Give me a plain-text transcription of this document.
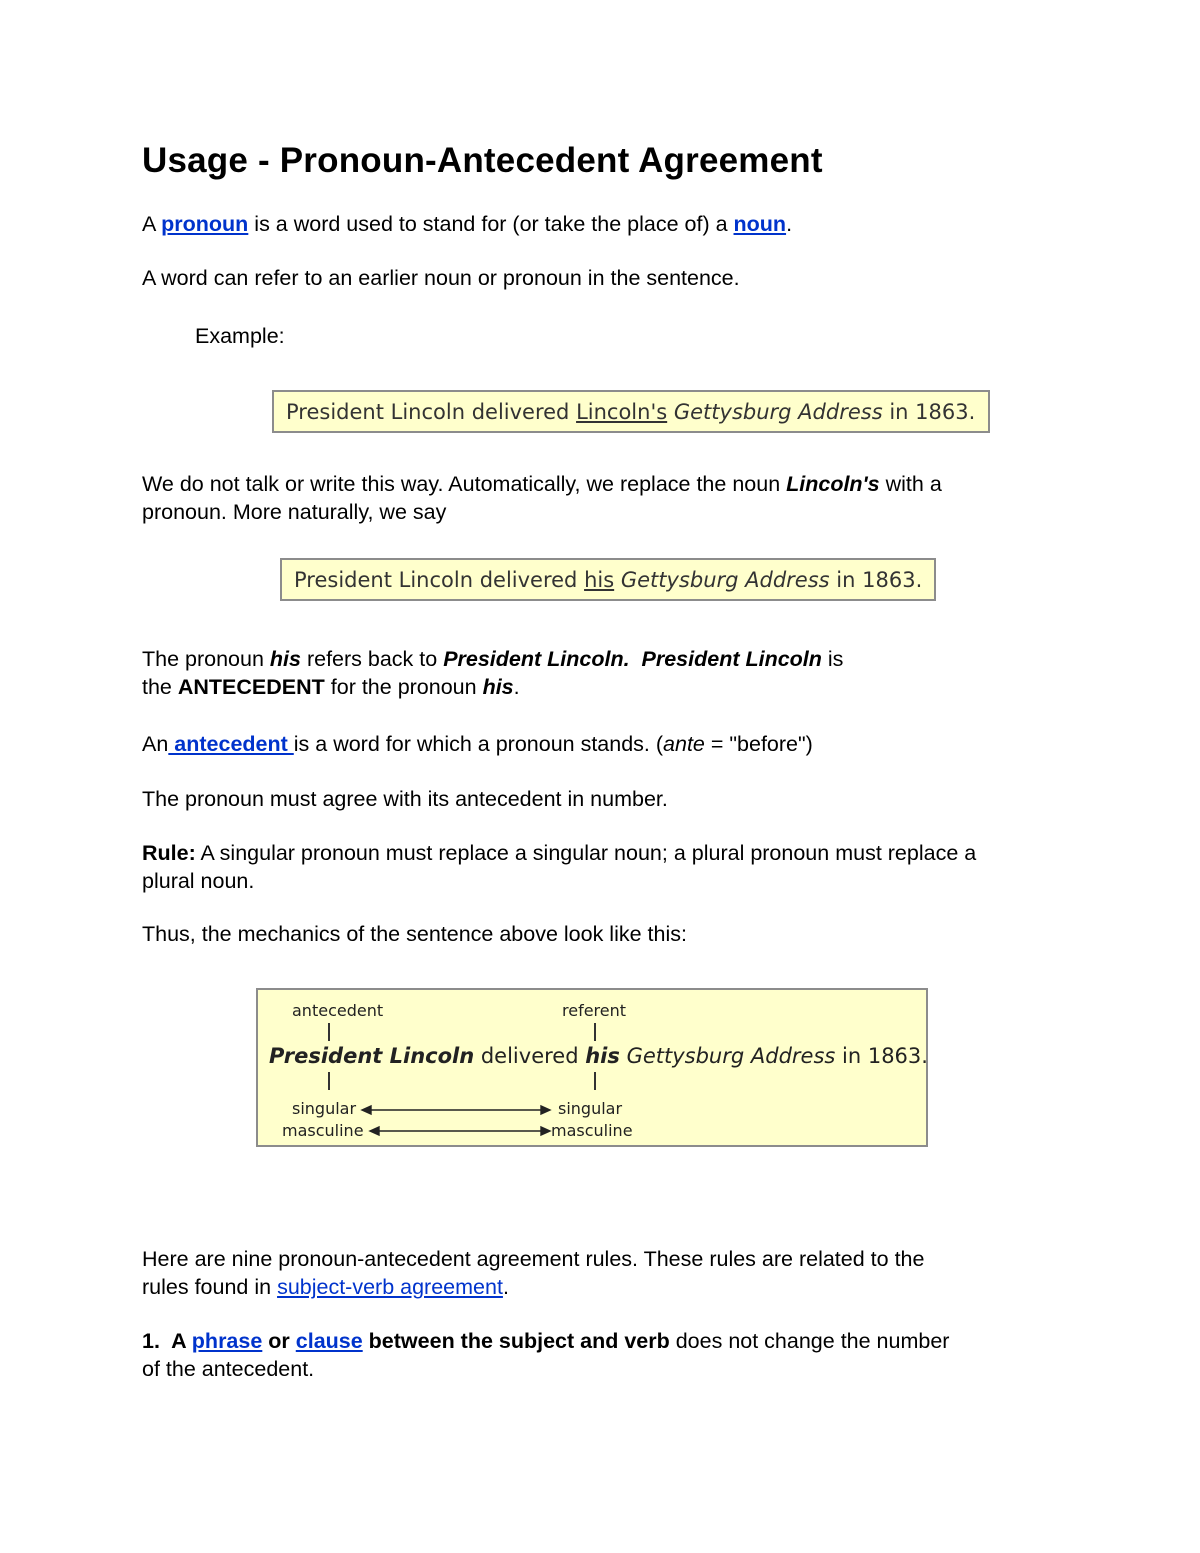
Usage - Pronoun-Antecedent Agreement

A pronoun is a word used to stand for (or take the place of) a noun.

A word can refer to an earlier noun or pronoun in the sentence.

Example:

President Lincoln delivered Lincoln's Gettysburg Address in 1863.

We do not talk or write this way. Automatically, we replace the noun Lincoln's with a
pronoun. More naturally, we say

President Lincoln delivered his Gettysburg Address in 1863.

The pronoun his refers back to President Lincoln. President Lincoln is
the ANTECEDENT for the pronoun his.

An antecedent is a word for which a pronoun stands. (ante = "before")

The pronoun must agree with its antecedent in number.

Rule: A singular pronoun must replace a singular noun; a plural pronoun must replace a
plural noun.

Thus, the mechanics of the sentence above look like this:

antecedent	referent
President Lincoln delivered his Gettysburg Address in 1863.
singular
masculine
singular
masculine

Here are nine pronoun-antecedent agreement rules. These rules are related to the
rules found in subject-verb agreement.

1.  A phrase or clause between the subject and verb does not change the number
of the antecedent.
